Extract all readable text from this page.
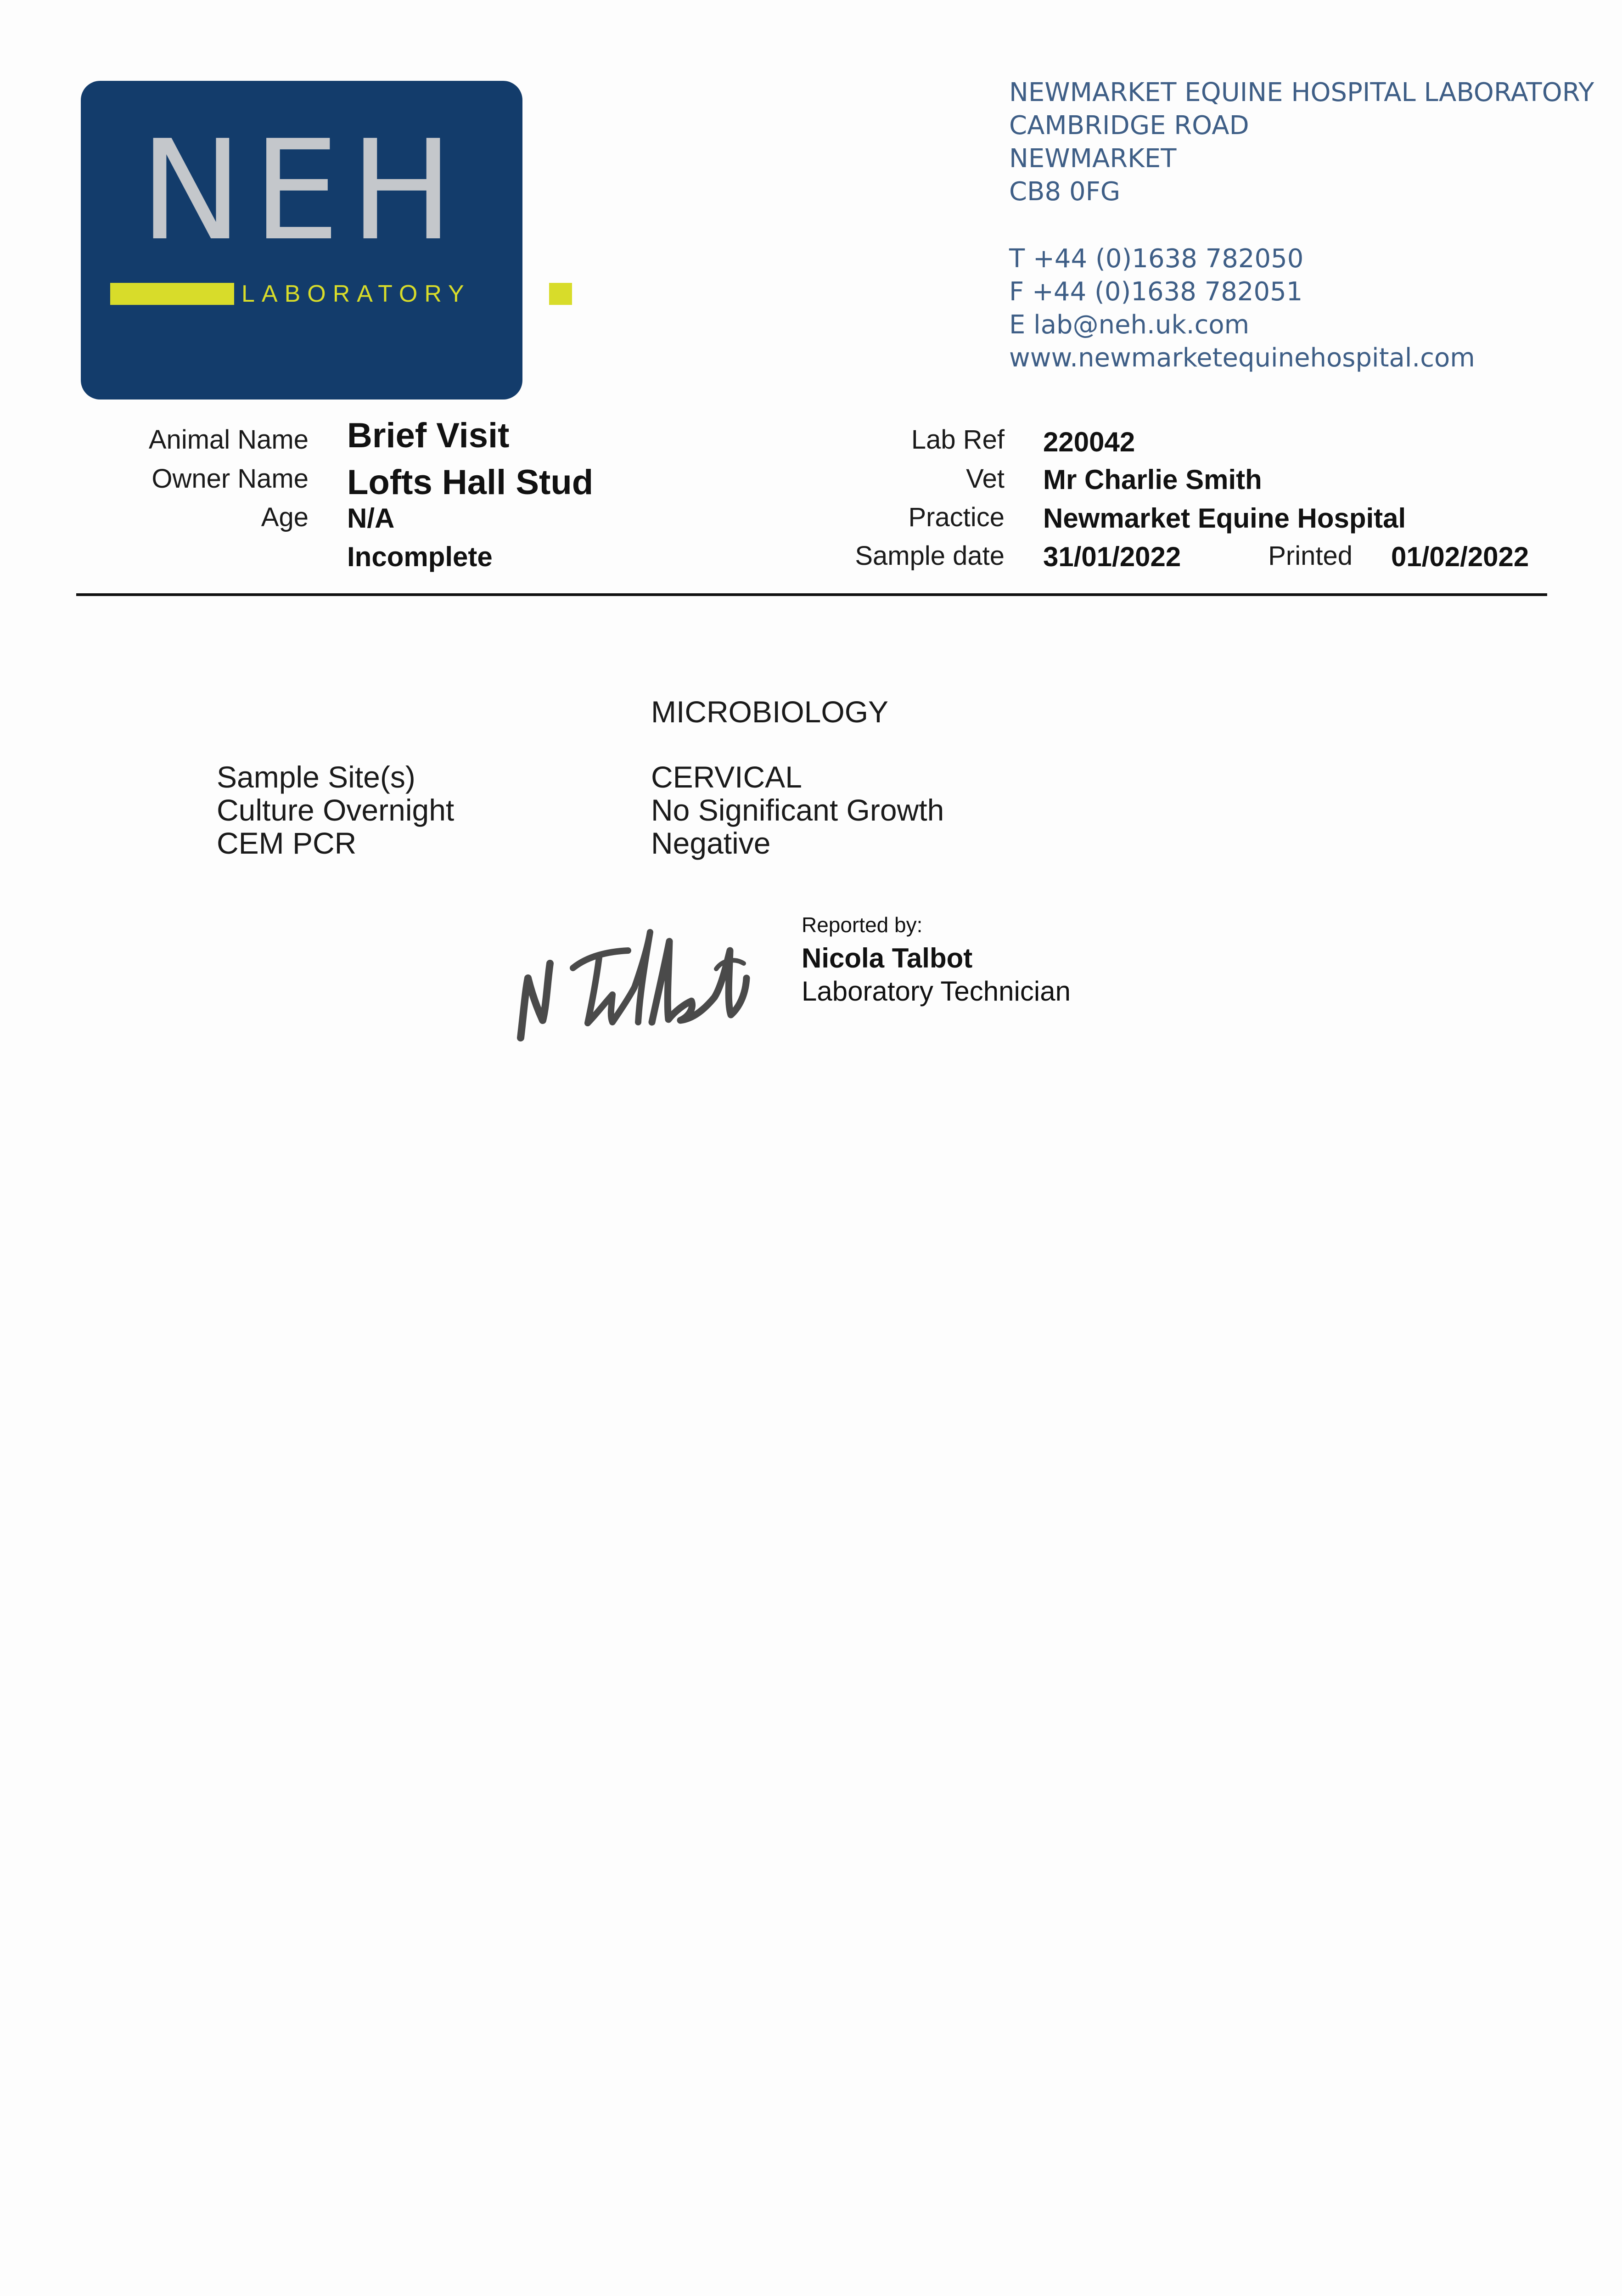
NEH
LABORATORY
NEWMARKET EQUINE HOSPITAL LABORATORY
CAMBRIDGE ROAD
NEWMARKET
CB8 0FG
T +44 (0)1638 782050
F +44 (0)1638 782051
E lab@neh.uk.com
www.newmarketequinehospital.com
Animal Name Brief Visit
Owner Name Lofts Hall Stud
Age N/A
Incomplete
Lab Ref 220042
Vet Mr Charlie Smith
Practice Newmarket Equine Hospital
Sample date 31/01/2022	Printed 01/02/2022
MICROBIOLOGY
Sample Site(s)	CERVICAL
Culture Overnight	No Significant Growth
CEM PCR	Negative
Reported by:
Nicola Talbot
Laboratory Technician
